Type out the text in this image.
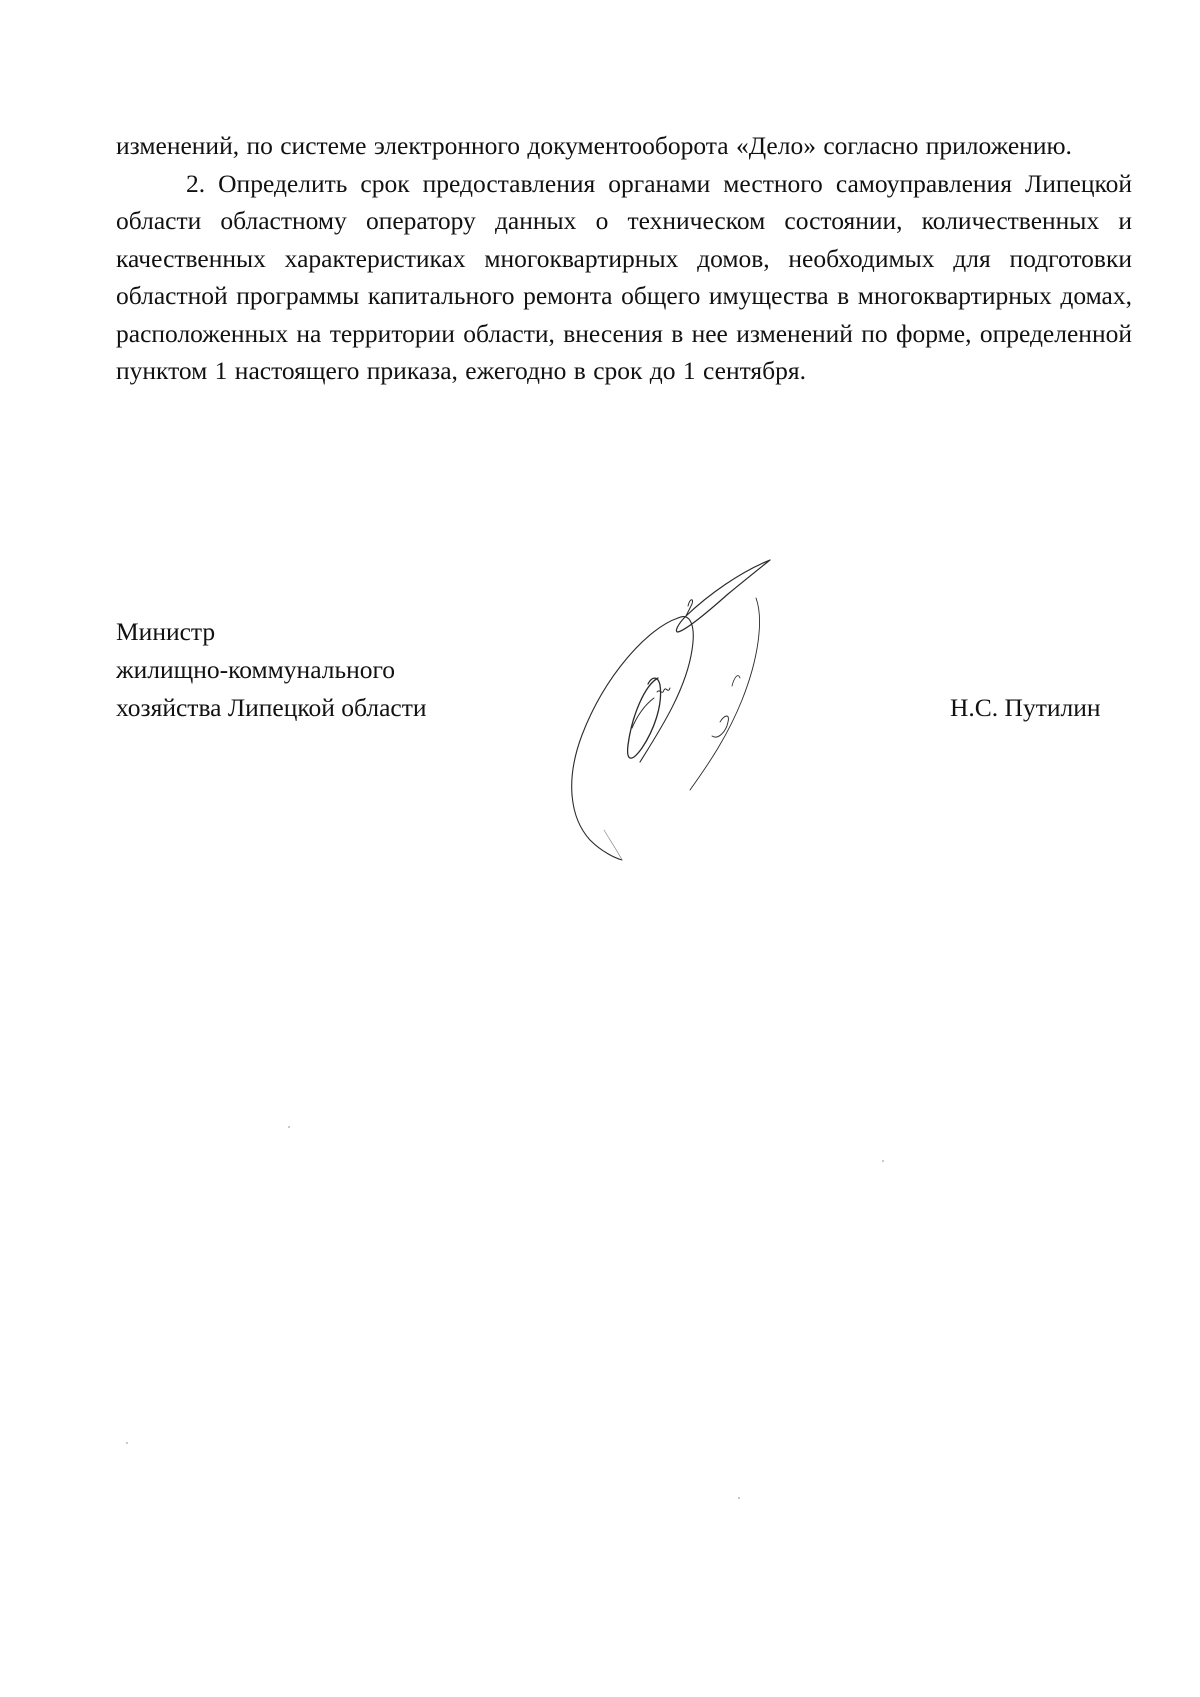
изменений, по системе электронного документооборота «Дело» согласно приложению.

2. Определить срок предоставления органами местного самоуправления Липецкой области областному оператору данных о техническом состоянии, количественных и качественных характеристиках многоквартирных домов, необходимых для подготовки областной программы капитального ремонта общего имущества в многоквартирных домах, расположенных на территории области, внесения в нее изменений по форме, определенной пунктом 1 настоящего приказа, ежегодно в срок до 1 сентября.

Министр
жилищно-коммунального
хозяйства Липецкой области	Н.С. Путилин
